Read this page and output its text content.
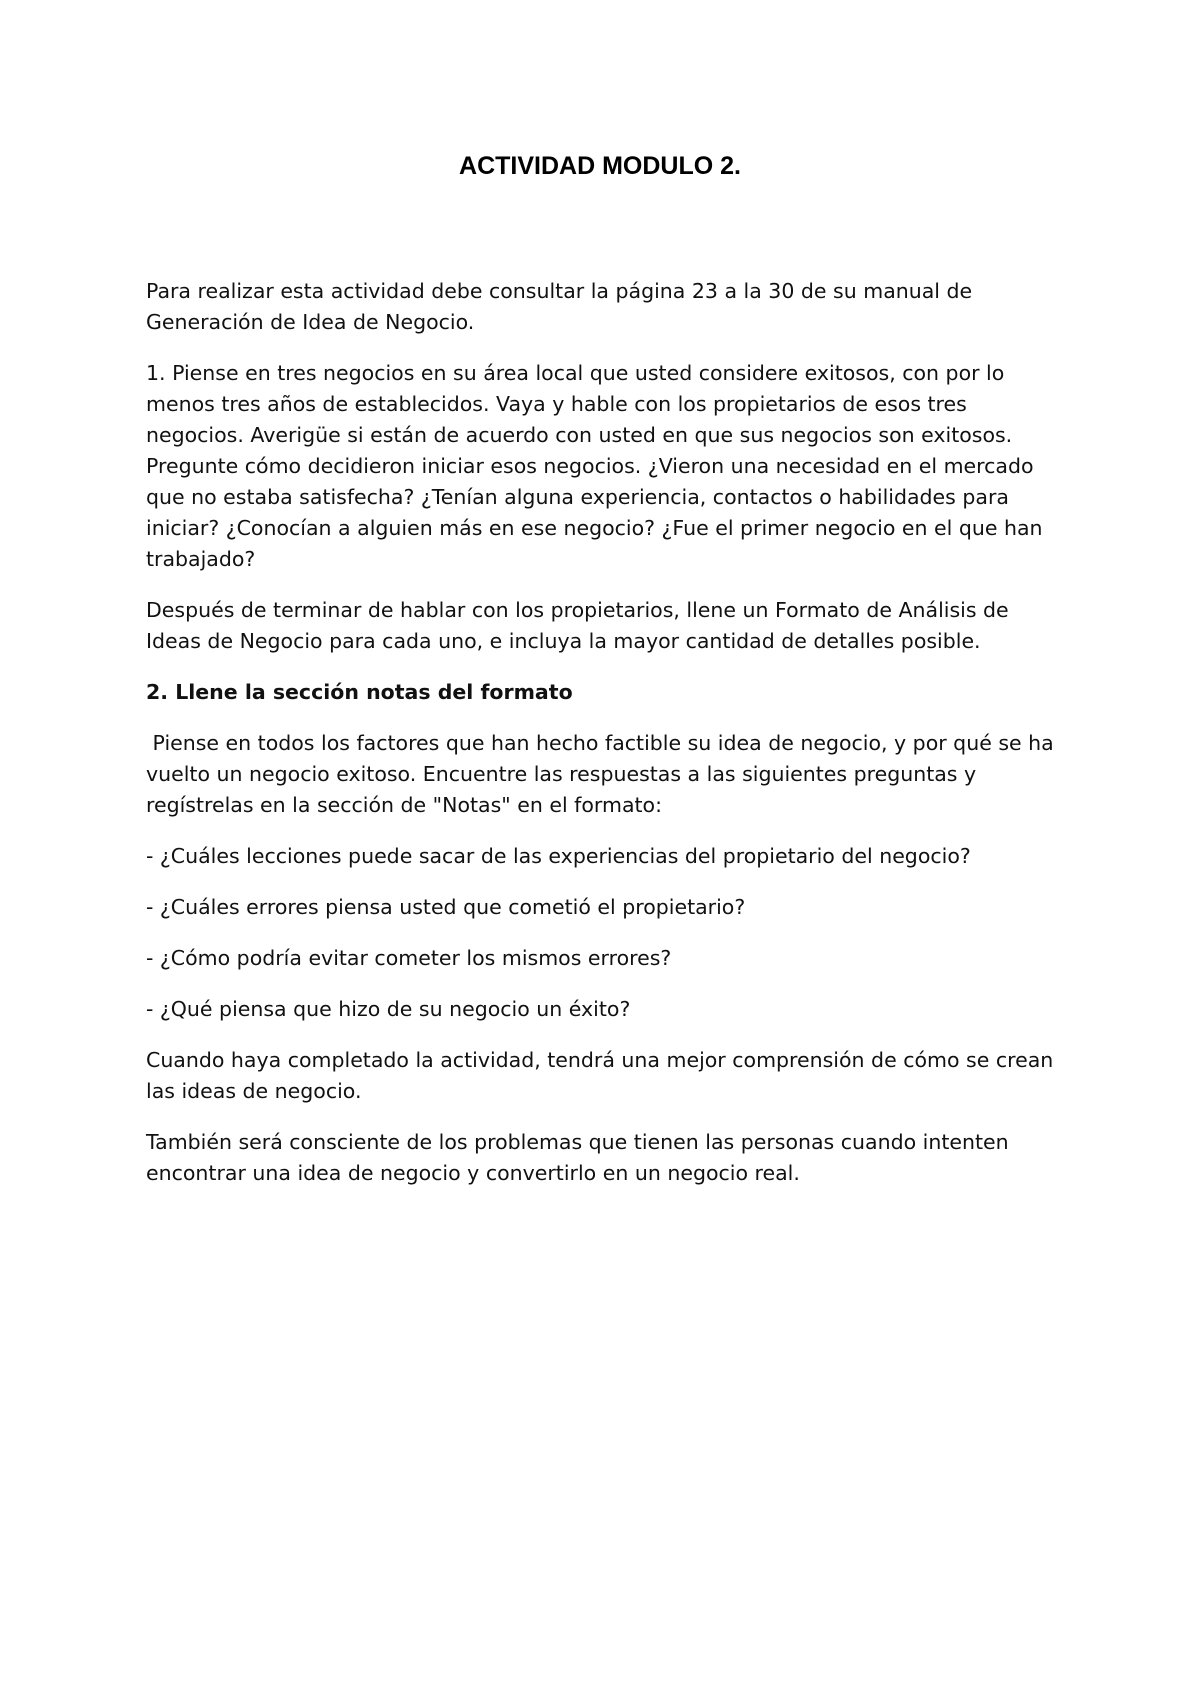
ACTIVIDAD MODULO 2.

Para realizar esta actividad debe consultar la página 23 a la 30 de su manual de Generación de Idea de Negocio.

1. Piense en tres negocios en su área local que usted considere exitosos, con por lo menos tres años de establecidos. Vaya y hable con los propietarios de esos tres negocios. Averigüe si están de acuerdo con usted en que sus negocios son exitosos. Pregunte cómo decidieron iniciar esos negocios. ¿Vieron una necesidad en el mercado que no estaba satisfecha? ¿Tenían alguna experiencia, contactos o habilidades para iniciar? ¿Conocían a alguien más en ese negocio? ¿Fue el primer negocio en el que han trabajado?

Después de terminar de hablar con los propietarios, llene un Formato de Análisis de Ideas de Negocio para cada uno, e incluya la mayor cantidad de detalles posible.

2. Llene la sección notas del formato

Piense en todos los factores que han hecho factible su idea de negocio, y por qué se ha vuelto un negocio exitoso. Encuentre las respuestas a las siguientes preguntas y regístrelas en la sección de "Notas" en el formato:

- ¿Cuáles lecciones puede sacar de las experiencias del propietario del negocio?

- ¿Cuáles errores piensa usted que cometió el propietario?

- ¿Cómo podría evitar cometer los mismos errores?

- ¿Qué piensa que hizo de su negocio un éxito?

Cuando haya completado la actividad, tendrá una mejor comprensión de cómo se crean las ideas de negocio.

También será consciente de los problemas que tienen las personas cuando intenten encontrar una idea de negocio y convertirlo en un negocio real.
